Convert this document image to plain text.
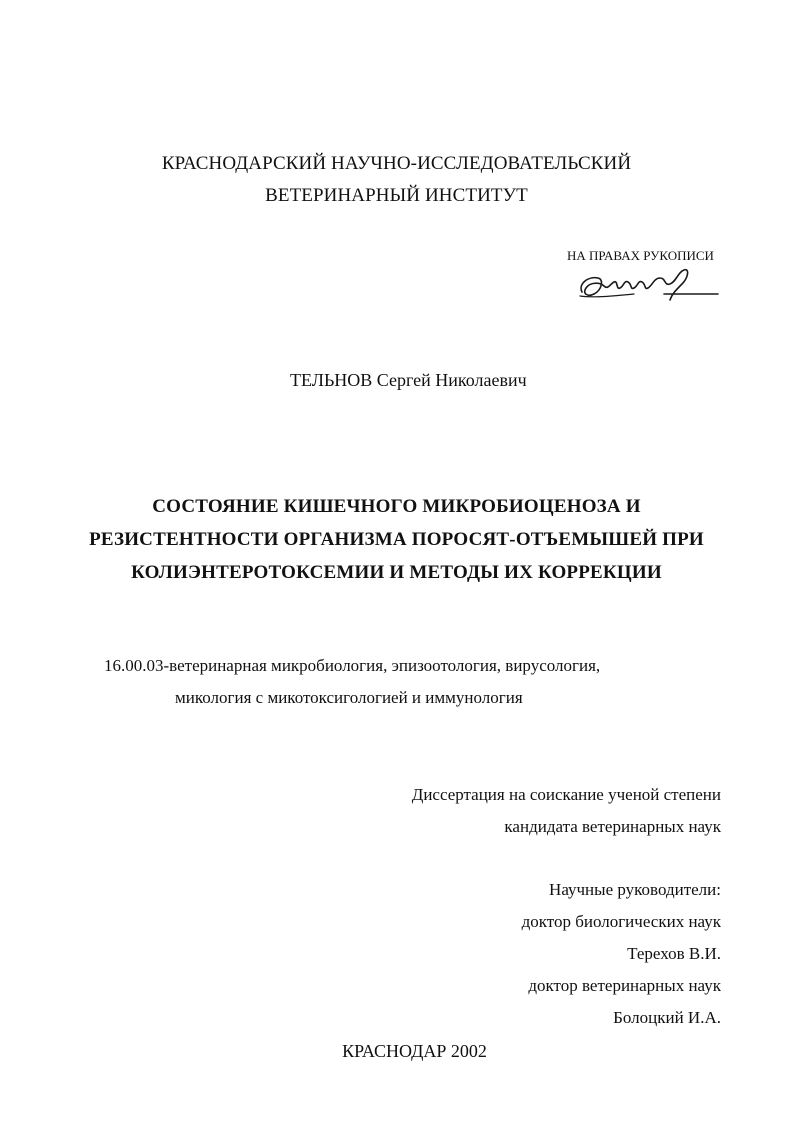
КРАСНОДАРСКИЙ НАУЧНО-ИССЛЕДОВАТЕЛЬСКИЙ
ВЕТЕРИНАРНЫЙ ИНСТИТУТ
НА ПРАВАХ РУКОПИСИ
ТЕЛЬНОВ Сергей Николаевич
СОСТОЯНИЕ КИШЕЧНОГО МИКРОБИОЦЕНОЗА И
РЕЗИСТЕНТНОСТИ ОРГАНИЗМА ПОРОСЯТ-ОТЪЕМЫШЕЙ ПРИ
КОЛИЭНТЕРОТОКСЕМИИ И МЕТОДЫ ИХ КОРРЕКЦИИ
16.00.03-ветеринарная микробиология, эпизоотология, вирусология,
микология с микотоксигологией и иммунология
Диссертация на соискание ученой степени
кандидата ветеринарных наук
Научные руководители:
доктор биологических наук
Терехов В.И.
доктор ветеринарных наук
Болоцкий И.А.
КРАСНОДАР 2002
